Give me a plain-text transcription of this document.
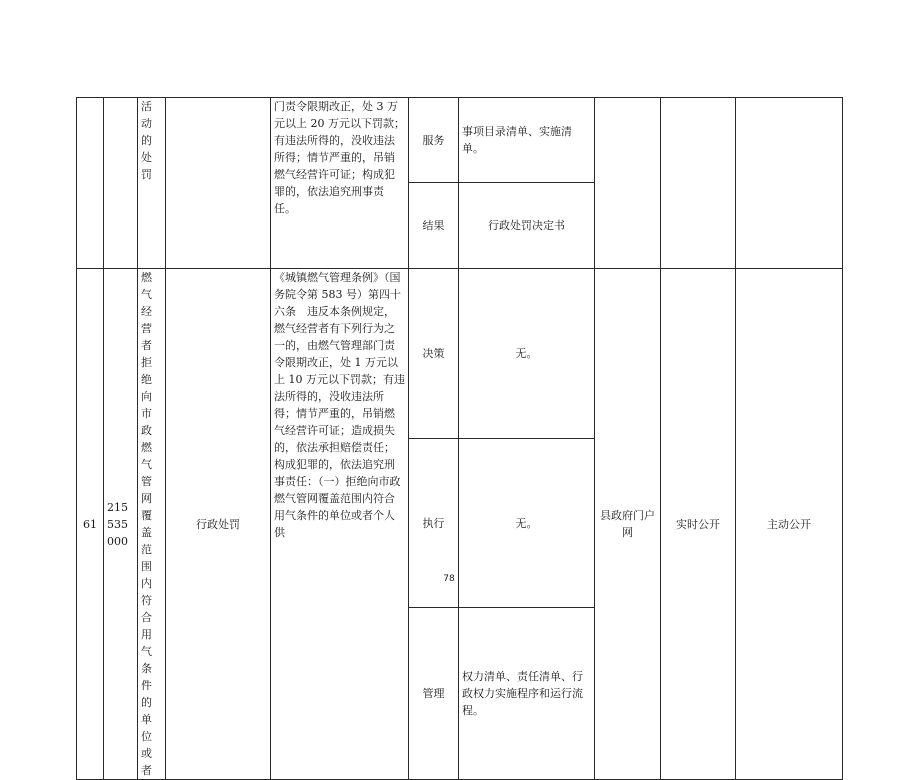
		活动的处罚		门责令限期改正，处 3 万元以上 20 万元以下罚款；有违法所得的，没收违法所得；情节严重的，吊销燃气经营许可证；构成犯罪的，依法追究刑事责任。	服务	事项目录清单、实施清单。			
					结果	行政处罚决定书			
61	215535000	燃气经营者拒绝向市政燃气管网覆盖范围内符合用气条件的单位或者	行政处罚	《城镇燃气管理条例》（国务院令第 583 号）第四十六条　违反本条例规定，燃气经营者有下列行为之一的，由燃气管理部门责令限期改正，处 1 万元以上 10 万元以下罚款；有违法所得的，没收违法所得；情节严重的，吊销燃气经营许可证；造成损失的，依法承担赔偿责任；构成犯罪的，依法追究刑事责任：（一）拒绝向市政燃气管网覆盖范围内符合用气条件的单位或者个人供	决策	无。	县政府门户网	实时公开	主动公开
					执行	无。			
					管理	权力清单、责任清单、行政权力实施程序和运行流程。			
78
